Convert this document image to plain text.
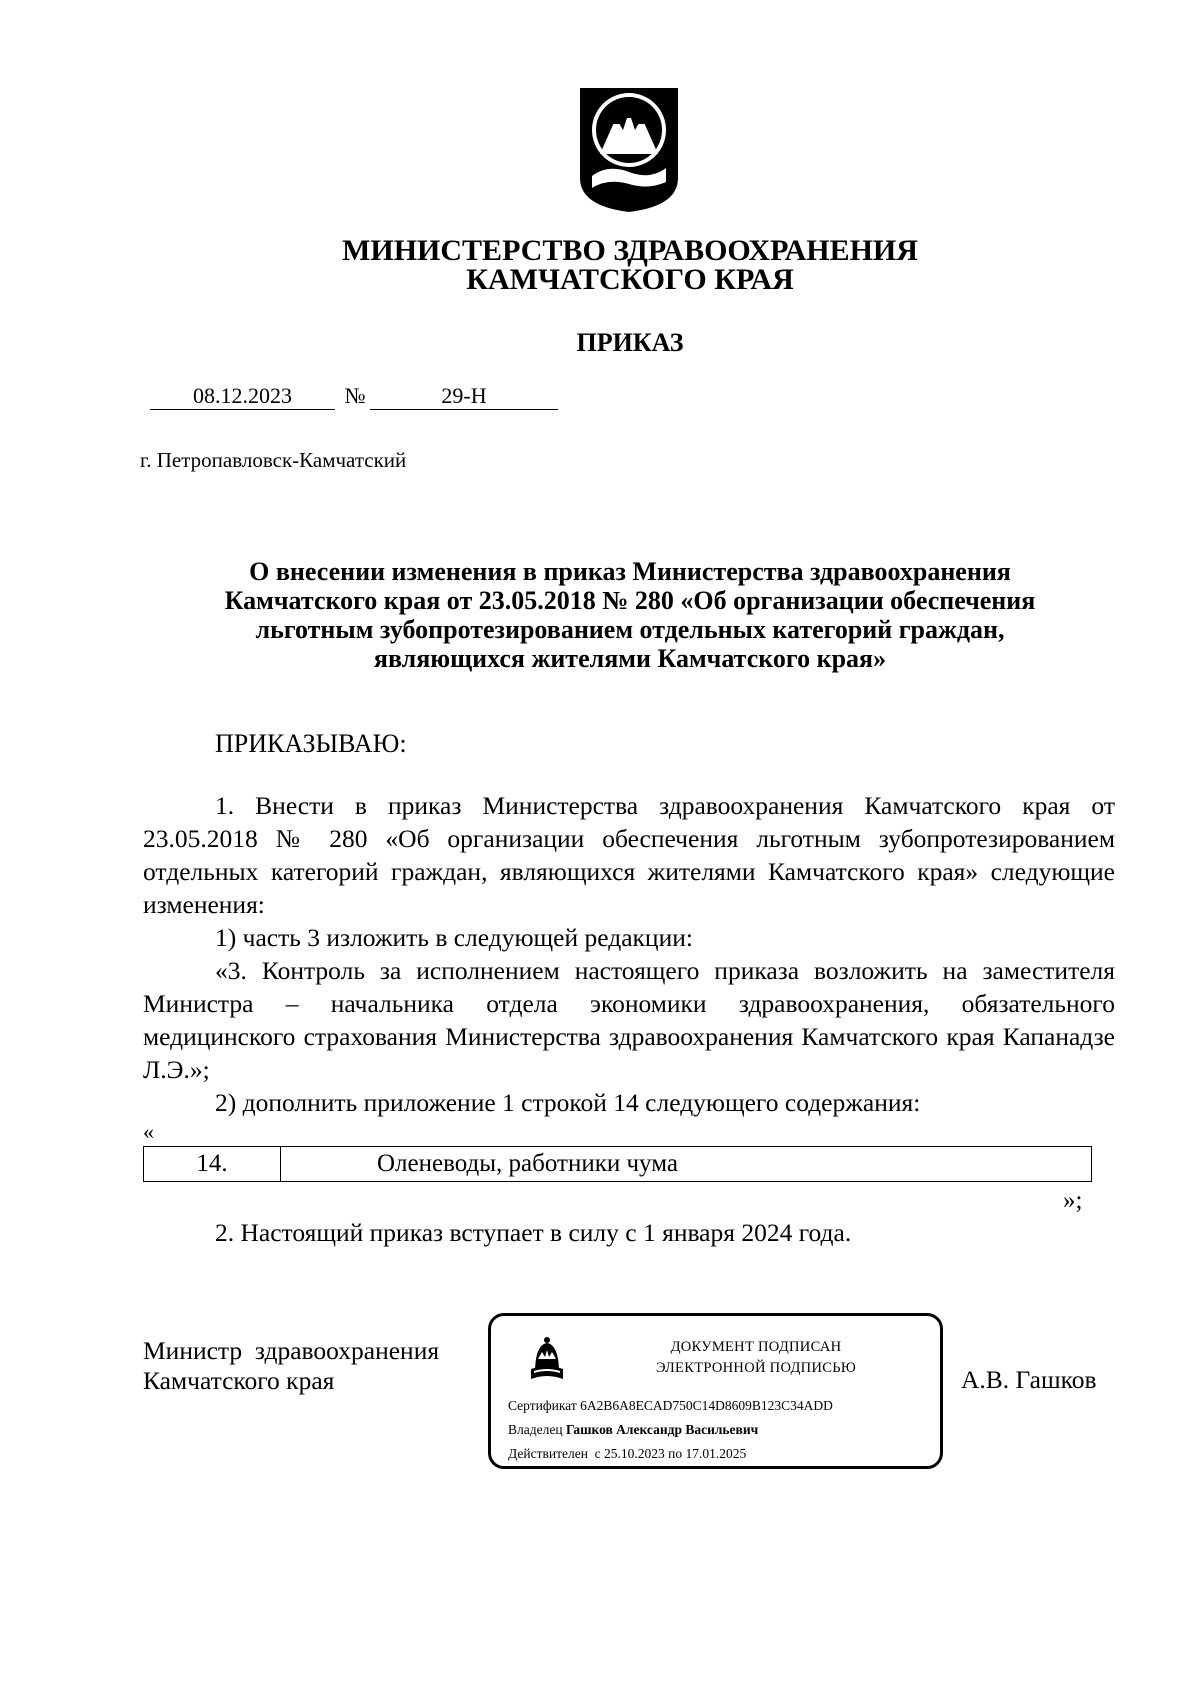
МИНИСТЕРСТВО ЗДРАВООХРАНЕНИЯ
КАМЧАТСКОГО КРАЯ
ПРИКАЗ
08.12.2023	№	29-Н
г. Петропавловск-Камчатский
О внесении изменения в приказ Министерства здравоохранения
Камчатского края от 23.05.2018 № 280 «Об организации обеспечения
льготным зубопротезированием отдельных категорий граждан,
являющихся жителями Камчатского края»
ПРИКАЗЫВАЮ:
1. Внести в приказ Министерства здравоохранения Камчатского края от 23.05.2018 № 280 «Об организации обеспечения льготным зубопротезированием отдельных категорий граждан, являющихся жителями Камчатского края» следующие изменения:
1) часть 3 изложить в следующей редакции:
«3. Контроль за исполнением настоящего приказа возложить на заместителя Министра – начальника отдела экономики здравоохранения, обязательного медицинского страхования Министерства здравоохранения Камчатского края Капанадзе Л.Э.»;
2) дополнить приложение 1 строкой 14 следующего содержания:
«
14.	Оленеводы, работники чума
»;
2. Настоящий приказ вступает в силу с 1 января 2024 года.
Министр  здравоохранения
Камчатского края	А.В. Гашков
ДОКУМЕНТ ПОДПИСАН
ЭЛЕКТРОННОЙ ПОДПИСЬЮ
Сертификат 6A2B6A8ECAD750C14D8609B123C34ADD
Владелец Гашков Александр Васильевич
Действителен  с 25.10.2023 по 17.01.2025
